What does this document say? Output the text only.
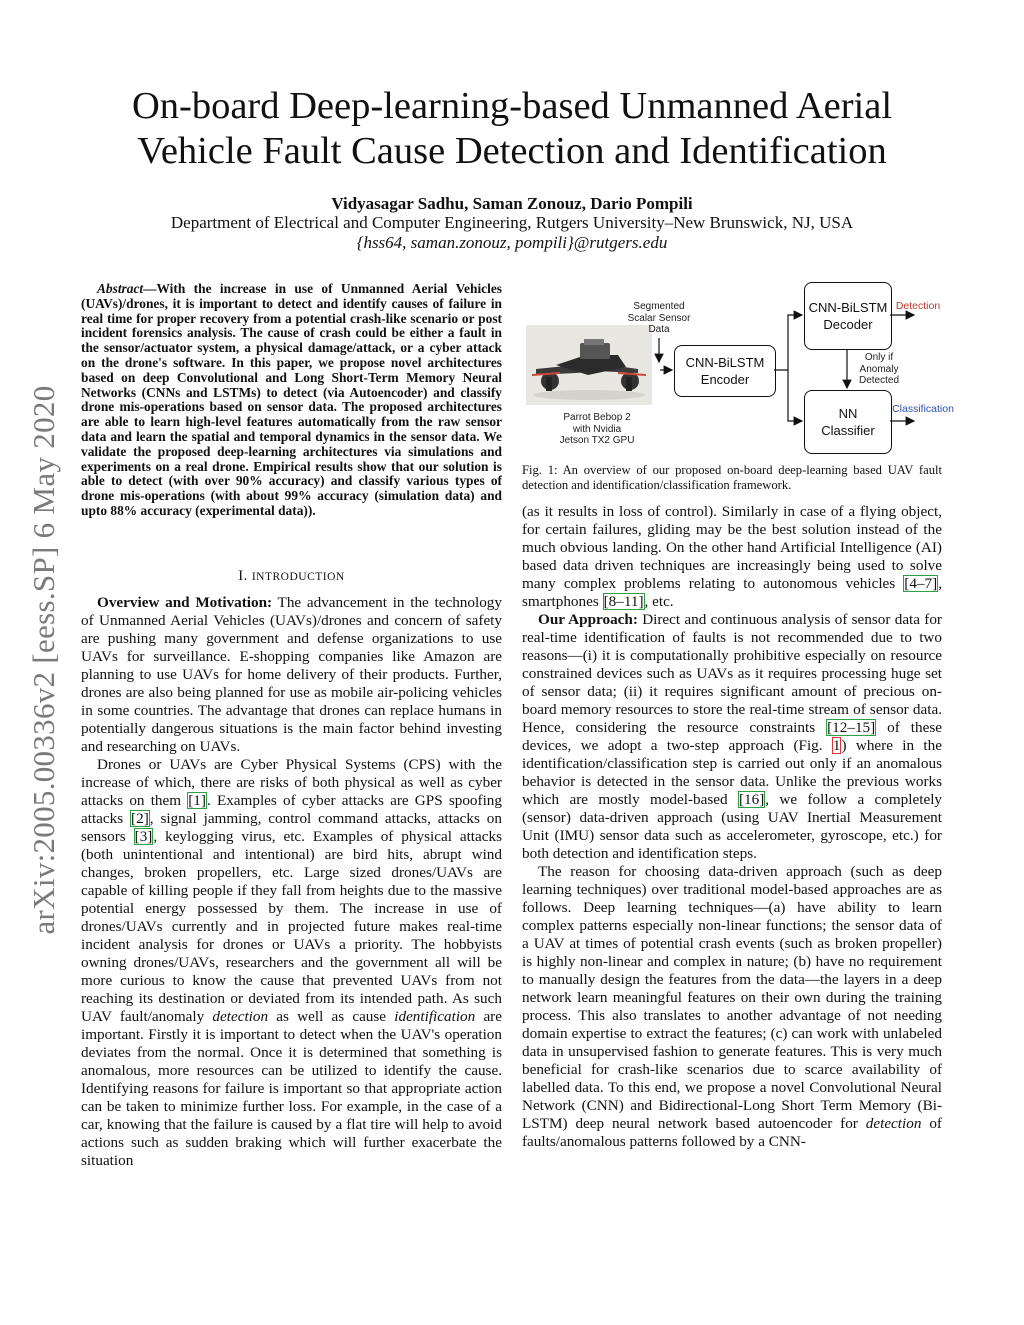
arXiv:2005.00336v2 [eess.SP] 6 May 2020
On-board Deep-learning-based Unmanned Aerial
Vehicle Fault Cause Detection and Identification
Vidyasagar Sadhu, Saman Zonouz, Dario Pompili
Department of Electrical and Computer Engineering, Rutgers University–New Brunswick, NJ, USA
{hss64, saman.zonouz, pompili}@rutgers.edu
Abstract—With the increase in use of Unmanned Aerial Vehicles (UAVs)/drones, it is important to detect and identify causes of failure in real time for proper recovery from a potential crash-like scenario or post incident forensics analysis. The cause of crash could be either a fault in the sensor/actuator system, a physical damage/attack, or a cyber attack on the drone's software. In this paper, we propose novel architectures based on deep Convolutional and Long Short-Term Memory Neural Networks (CNNs and LSTMs) to detect (via Autoencoder) and classify drone mis-operations based on sensor data. The proposed architectures are able to learn high-level features automatically from the raw sensor data and learn the spatial and temporal dynamics in the sensor data. We validate the proposed deep-learning architectures via simulations and experiments on a real drone. Empirical results show that our solution is able to detect (with over 90% accuracy) and classify various types of drone mis-operations (with about 99% accuracy (simulation data) and upto 88% accuracy (experimental data)).
I. INTRODUCTION

Overview and Motivation: The advancement in the technology of Unmanned Aerial Vehicles (UAVs)/drones and concern of safety are pushing many government and defense organizations to use UAVs for surveillance. E-shopping companies like Amazon are planning to use UAVs for home delivery of their products. Further, drones are also being planned for use as mobile air-policing vehicles in some countries. The advantage that drones can replace humans in potentially dangerous situations is the main factor behind investing and researching on UAVs.

Drones or UAVs are Cyber Physical Systems (CPS) with the increase of which, there are risks of both physical as well as cyber attacks on them [1]. Examples of cyber attacks are GPS spoofing attacks [2], signal jamming, control command attacks, attacks on sensors [3], keylogging virus, etc. Examples of physical attacks (both unintentional and intentional) are bird hits, abrupt wind changes, broken propellers, etc. Large sized drones/UAVs are capable of killing people if they fall from heights due to the massive potential energy possessed by them. The increase in use of drones/UAVs currently and in projected future makes real-time incident analysis for drones or UAVs a priority. The hobbyists owning drones/UAVs, researchers and the government all will be more curious to know the cause that prevented UAVs from not reaching its destination or deviated from its intended path. As such UAV fault/anomaly detection as well as cause identification are important. Firstly it is important to detect when the UAV's operation deviates from the normal. Once it is determined that something is anomalous, more resources can be utilized to identify the cause. Identifying reasons for failure is important so that appropriate action can be taken to minimize further loss. For example, in the case of a car, knowing that the failure is caused by a flat tire will help to avoid actions such as sudden braking which will further exacerbate the situation

Parrot Bebop 2
with Nvidia
Jetson TX2 GPU
Segmented
Scalar Sensor
Data
CNN-BiLSTM
Encoder
CNN-BiLSTM
Decoder
NN
Classifier
Detection
Classification
Only if
Anomaly
Detected
Fig. 1: An overview of our proposed on-board deep-learning based UAV fault detection and identification/classification framework.

(as it results in loss of control). Similarly in case of a flying object, for certain failures, gliding may be the best solution instead of the much obvious landing. On the other hand Artificial Intelligence (AI) based data driven techniques are increasingly being used to solve many complex problems relating to autonomous vehicles [4–7], smartphones [8–11], etc.

Our Approach: Direct and continuous analysis of sensor data for real-time identification of faults is not recommended due to two reasons—(i) it is computationally prohibitive especially on resource constrained devices such as UAVs as it requires processing huge set of sensor data; (ii) it requires significant amount of precious on-board memory resources to store the real-time stream of sensor data. Hence, considering the resource constraints [12–15] of these devices, we adopt a two-step approach (Fig. 1) where in the identification/classification step is carried out only if an anomalous behavior is detected in the sensor data. Unlike the previous works which are mostly model-based [16], we follow a completely (sensor) data-driven approach (using UAV Inertial Measurement Unit (IMU) sensor data such as accelerometer, gyroscope, etc.) for both detection and identification steps.

The reason for choosing data-driven approach (such as deep learning techniques) over traditional model-based approaches are as follows. Deep learning techniques—(a) have ability to learn complex patterns especially non-linear functions; the sensor data of a UAV at times of potential crash events (such as broken propeller) is highly non-linear and complex in nature; (b) have no requirement to manually design the features from the data—the layers in a deep network learn meaningful features on their own during the training process. This also translates to another advantage of not needing domain expertise to extract the features; (c) can work with unlabeled data in unsupervised fashion to generate features. This is very much beneficial for crash-like scenarios due to scarce availability of labelled data. To this end, we propose a novel Convolutional Neural Network (CNN) and Bidirectional-Long Short Term Memory (Bi-LSTM) deep neural network based autoencoder for detection of faults/anomalous patterns followed by a CNN-
